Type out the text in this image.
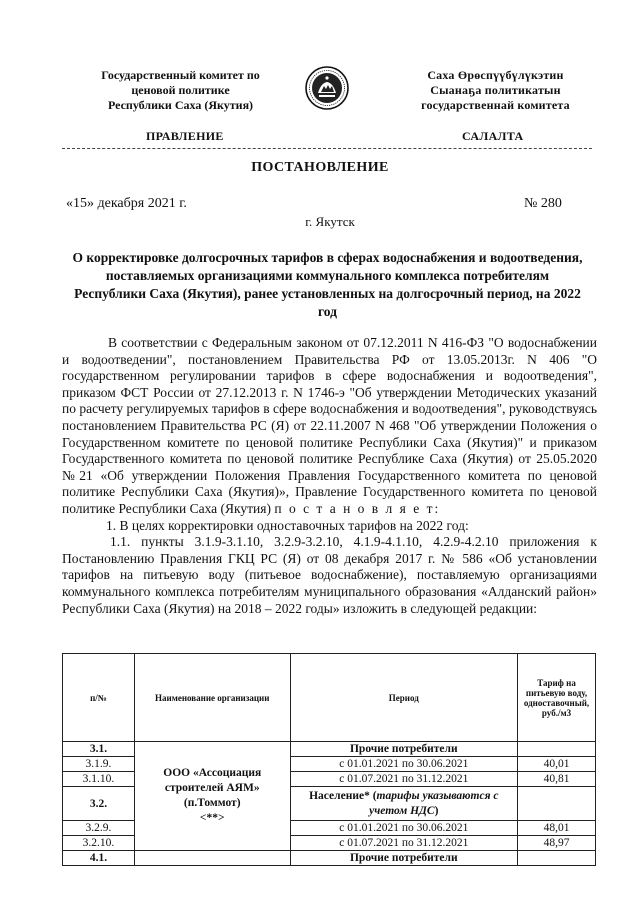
Государственный комитет по
ценовой политике
Республики Саха (Якутия)
Саха Өрөспүүбүлүкэтин
Сыанаҕа политикатын
государственнай комитета
ПРАВЛЕНИЕ	САЛАЛТА
ПОСТАНОВЛЕНИЕ
«15» декабря 2021 г.	№ 280
г. Якутск
О корректировке долгосрочных тарифов в сферах водоснабжения и водоотведения, поставляемых организациями коммунального комплекса потребителям Республики Саха (Якутия), ранее установленных на долгосрочный период, на 2022 год

В соответствии с Федеральным законом от 07.12.2011 N 416-ФЗ "О водоснабжении и водоотведении", постановлением Правительства РФ от 13.05.2013г. N 406 "О государственном регулировании тарифов в сфере водоснабжения и водоотведения", приказом ФСТ России от 27.12.2013 г. N 1746-э "Об утверждении Методических указаний по расчету регулируемых тарифов в сфере водоснабжения и водоотведения", руководствуясь постановлением Правительства РС (Я) от 22.11.2007 N 468 "Об утверждении Положения о Государственном комитете по ценовой политике Республики Саха (Якутия)" и приказом Государственного комитета по ценовой политике Республике Саха (Якутия) от 25.05.2020 №21 «Об утверждении Положения Правления Государственного комитета по ценовой политике Республики Саха (Якутия)», Правление Государственного комитета по ценовой политике Республики Саха (Якутия) п о с т а н о в л я е т:

1. В целях корректировки одноставочных тарифов на 2022 год:

1.1. пункты 3.1.9-3.1.10, 3.2.9-3.2.10, 4.1.9-4.1.10, 4.2.9-4.2.10 приложения к Постановлению Правления ГКЦ РС (Я) от 08 декабря 2017 г. № 586 «Об установлении тарифов на питьевую воду (питьевое водоснабжение), поставляемую организациями коммунального комплекса потребителям муниципального образования «Алданский район» Республики Саха (Якутия) на 2018 – 2022 годы» изложить в следующей редакции:

п/№	Наименование организации	Период	Тариф на питьевую воду, одноставочный, руб./м3
3.1.	ООО «Ассоциация
строителей АЯМ»
(п.Томмот)
<**>	Прочие потребители	
3.1.9.		с 01.01.2021 по 30.06.2021	40,01
3.1.10.		с 01.07.2021 по 31.12.2021	40,81
3.2.		Население* (тарифы указываются с учетом НДС)	
3.2.9.		с 01.01.2021 по 30.06.2021	48,01
3.2.10.		с 01.07.2021 по 31.12.2021	48,97
4.1.		Прочие потребители	
